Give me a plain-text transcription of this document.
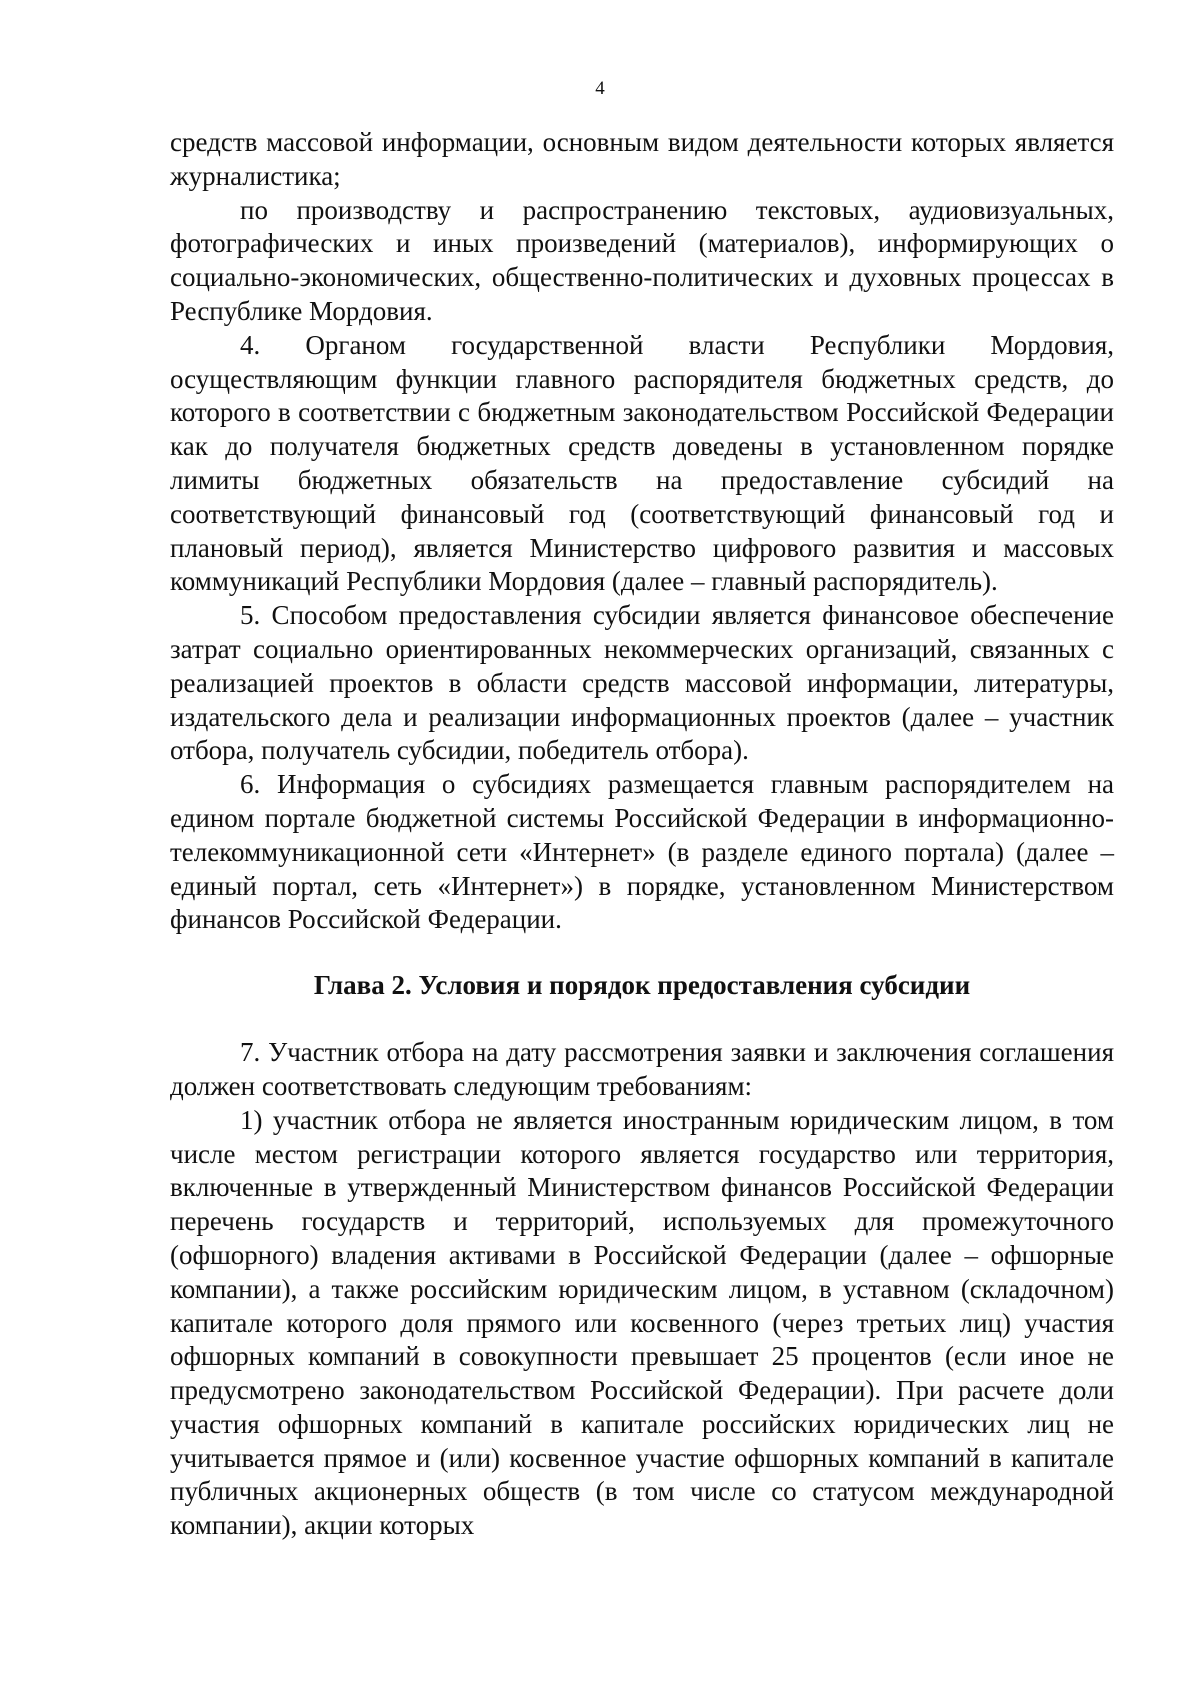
4

средств массовой информации, основным видом деятельности которых является журналистика;

по производству и распространению текстовых, аудиовизуальных, фотографических и иных произведений (материалов), информирующих о социально-экономических, общественно-политических и духовных процессах в Республике Мордовия.

4. Органом государственной власти Республики Мордовия, осуществляющим функции главного распорядителя бюджетных средств, до которого в соответствии с бюджетным законодательством Российской Федерации как до получателя бюджетных средств доведены в установленном порядке лимиты бюджетных обязательств на предоставление субсидий на соответствующий финансовый год (соответствующий финансовый год и плановый период), является Министерство цифрового развития и массовых коммуникаций Республики Мордовия (далее – главный распорядитель).

5. Способом предоставления субсидии является финансовое обеспечение затрат социально ориентированных некоммерческих организаций, связанных с реализацией проектов в области средств массовой информации, литературы, издательского дела и реализации информационных проектов (далее – участник отбора, получатель субсидии, победитель отбора).

6. Информация о субсидиях размещается главным распорядителем на едином портале бюджетной системы Российской Федерации в информационно-телекоммуникационной сети «Интернет» (в разделе единого портала) (далее – единый портал, сеть «Интернет») в порядке, установленном Министерством финансов Российской Федерации.

Глава 2. Условия и порядок предоставления субсидии

7. Участник отбора на дату рассмотрения заявки и заключения соглашения должен соответствовать следующим требованиям:

1) участник отбора не является иностранным юридическим лицом, в том числе местом регистрации которого является государство или территория, включенные в утвержденный Министерством финансов Российской Федерации перечень государств и территорий, используемых для промежуточного (офшорного) владения активами в Российской Федерации (далее – офшорные компании), а также российским юридическим лицом, в уставном (складочном) капитале которого доля прямого или косвенного (через третьих лиц) участия офшорных компаний в совокупности превышает 25 процентов (если иное не предусмотрено законодательством Российской Федерации). При расчете доли участия офшорных компаний в капитале российских юридических лиц не учитывается прямое и (или) косвенное участие офшорных компаний в капитале публичных акционерных обществ (в том числе со статусом международной компании), акции которых
